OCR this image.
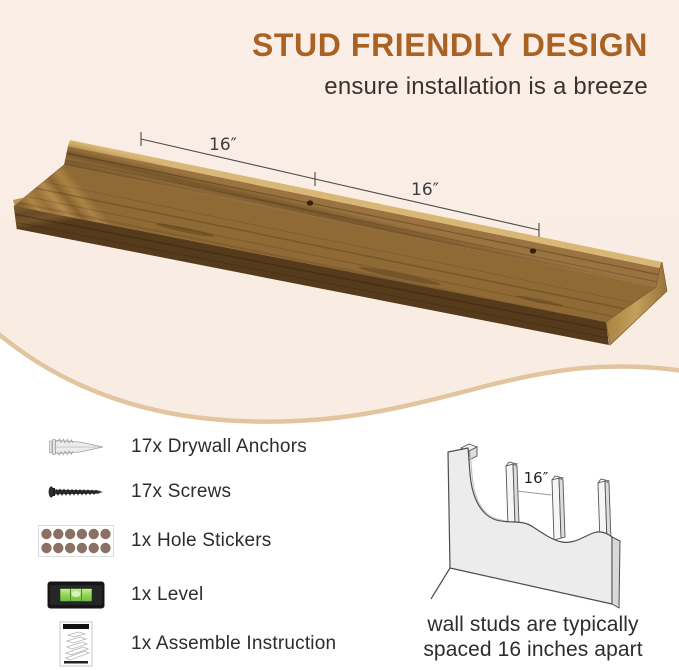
16″
16″
16″
STUD FRIENDLY DESIGN
ensure installation is a breeze
17x Drywall Anchors
17x Screws
1x Hole Stickers
1x Level
1x Assemble Instruction
wall studs are typically
spaced 16 inches apart
